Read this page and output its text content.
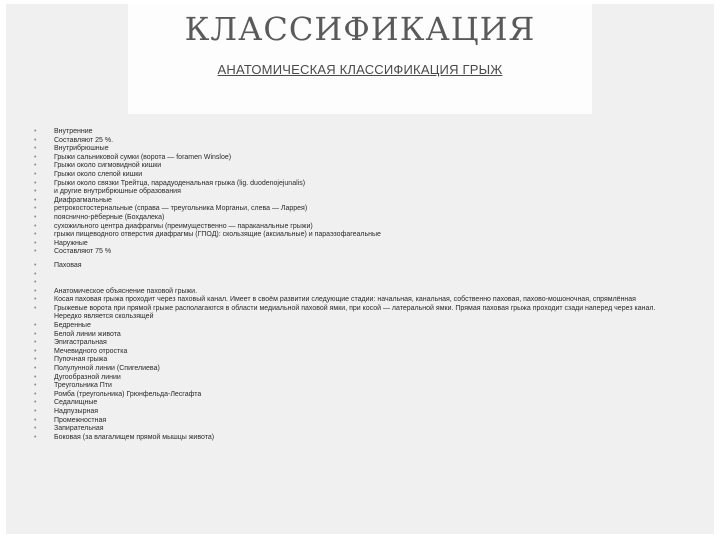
КЛАССИФИКАЦИЯ
АНАТОМИЧЕСКАЯ КЛАССИФИКАЦИЯ ГРЫЖ
• Внутренние
• Составляют 25 %.
• Внутрибрюшные
• Грыжи сальниковой сумки (ворота — foramen Winsloe)
• Грыжи около сигмовидной кишки
• Грыжи около слепой кишки
• Грыжи около связки Трейтца, парадуоденальная грыжа (lig. duodenojejunalis)
• и другие внутрибрюшные образования
• Диафрагмальные
• ретрокостостернальные (справа — треугольника Морганьи, слева — Ларрея)
• пояснично-рёберные (Бохдалека)
• сухожильного центра диафрагмы (преимущественно — параканальные грыжи)
• грыжи пищеводного отверстия диафрагмы (ГПОД): скользящие (аксиальные) и параэзофагеальные
• Наружные
• Составляют 75 %
• Паховая
•
•
• Анатомическое объяснение паховой грыжи.
• Косая паховая грыжа проходит через паховый канал. Имеет в своём развитии следующие стадии: начальная, канальная, собственно паховая, пахово-мошоночная, спрямлённая
• Грыжевые ворота при прямой грыже располагаются в области медиальной паховой ямки, при косой — латеральной ямки. Прямая паховая грыжа проходит сзади наперед через канал. Нередко является скользящей
• Бедренные
• Белой линии живота
• Эпигастральная
• Мечевидного отростка
• Пупочная грыжа
• Полулунной линии (Спигелиева)
• Дугообразной линии
• Треугольника Пти
• Ромба (треугольника) Грюнфельда-Лесгафта
• Седалищные
• Надпузырная
• Промежностная
• Запирательная
• Боковая (за влагалищем прямой мышцы живота)
